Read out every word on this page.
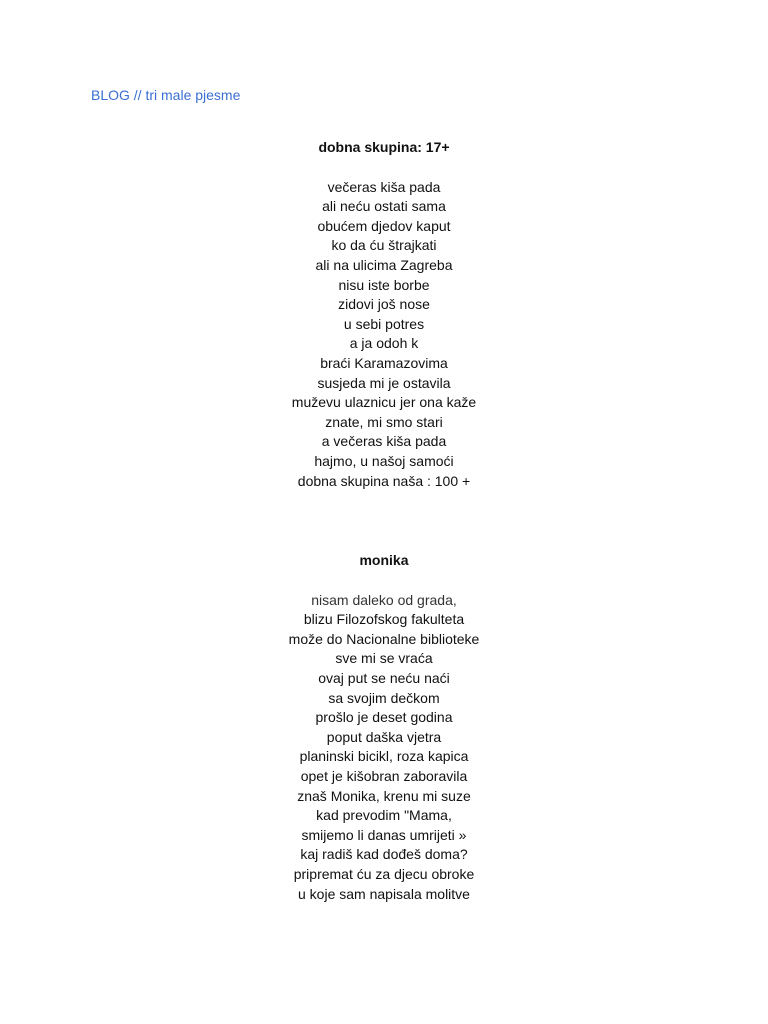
BLOG // tri male pjesme
dobna skupina: 17+
večeras kiša pada
ali neću ostati sama
obućem djedov kaput
ko da ću štrajkati
ali na ulicima Zagreba
nisu iste borbe
zidovi još nose
u sebi potres
a ja odoh k
braći Karamazovima
susjeda mi je ostavila
muževu ulaznicu jer ona kaže
znate, mi smo stari
a večeras kiša pada
hajmo, u našoj samoći
dobna skupina naša : 100 +
monika
nisam daleko od grada,
blizu Filozofskog fakulteta
može do Nacionalne biblioteke
sve mi se vraća
ovaj put se neću naći
sa svojim dečkom
prošlo je deset godina
poput daška vjetra
planinski bicikl, roza kapica
opet je kišobran zaboravila
znaš Monika, krenu mi suze
kad prevodim "Mama,
smijemo li danas umrijeti »
kaj radiš kad dođeš doma?
pripremat ću za djecu obroke
u koje sam napisala molitve
